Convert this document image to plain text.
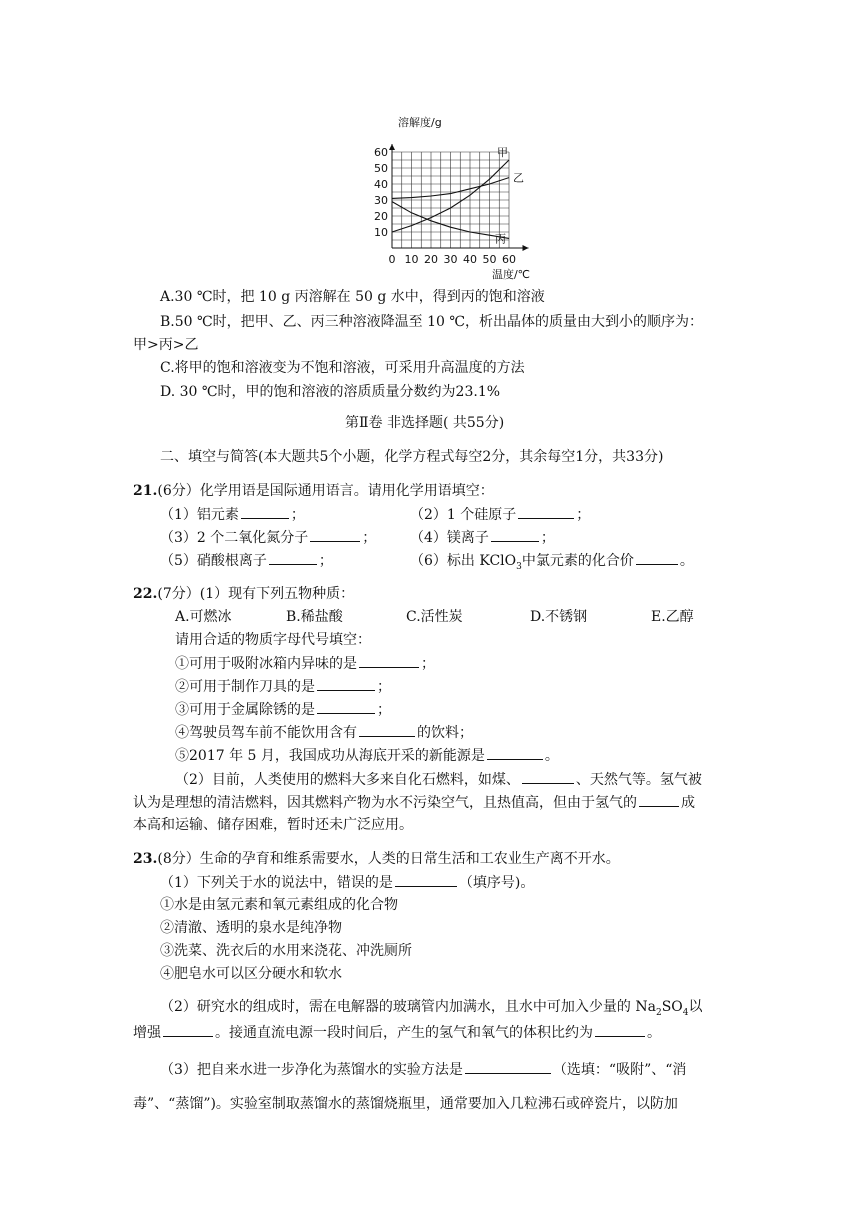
10
20
30
40
50
60
0 10 20 30 40 50 60
溶解度/g
温度/℃
甲
乙
丙
A.30 ℃时，把 10 g 丙溶解在 50 g 水中，得到丙的饱和溶液
B.50 ℃时，把甲、乙、丙三种溶液降温至 10 ℃，析出晶体的质量由大到小的顺序为：
甲>丙>乙
C.将甲的饱和溶液变为不饱和溶液，可采用升高温度的方法
D. 30 ℃时，甲的饱和溶液的溶质质量分数约为23.1%
第Ⅱ卷 非选择题( 共55分)
二、填空与简答(本大题共5个小题，化学方程式每空2分，其余每空1分，共33分)
21.(6分）化学用语是国际通用语言。请用化学用语填空：
（1）铝元素	；	（2）1 个硅原子	；
（3）2 个二氧化氮分子	； （4）镁离子	；
（5）硝酸根离子	；	（6）标出 KClO$_3$中氯元素的化合价	。
22.(7分）(1）现有下列五物种质：
A.可燃冰	B.稀盐酸	C.活性炭	D.不锈钢	E.乙醇
请用合适的物质字母代号填空：
①可用于吸附冰箱内异味的是	；
②可用于制作刀具的是	；
③可用于金属除锈的是	；
④驾驶员驾车前不能饮用含有	的饮料；
⑤2017 年 5 月，我国成功从海底开采的新能源是	。
（2）目前，人类使用的燃料大多来自化石燃料，如煤、	、天然气等。氢气被
认为是理想的清洁燃料，因其燃料产物为水不污染空气，且热值高，但由于氢气的	成
本高和运输、储存困难，暂时还未广泛应用。
23.(8分）生命的孕育和维系需要水，人类的日常生活和工农业生产离不开水。
（1）下列关于水的说法中，错误的是	（填序号)。
①水是由氢元素和氧元素组成的化合物
②清澈、透明的泉水是纯净物
③洗菜、洗衣后的水用来浇花、冲洗厕所
④肥皂水可以区分硬水和软水
（2）研究水的组成时，需在电解器的玻璃管内加满水，且水中可加入少量的 $Na_2SO_4$以
增强	。接通直流电源一段时间后，产生的氢气和氧气的体积比约为	。
（3）把自来水进一步净化为蒸馏水的实验方法是	（选填：“吸附”、“消
毒”、“蒸馏”)。实验室制取蒸馏水的蒸馏烧瓶里，通常要加入几粒沸石或碎瓷片，以防加
